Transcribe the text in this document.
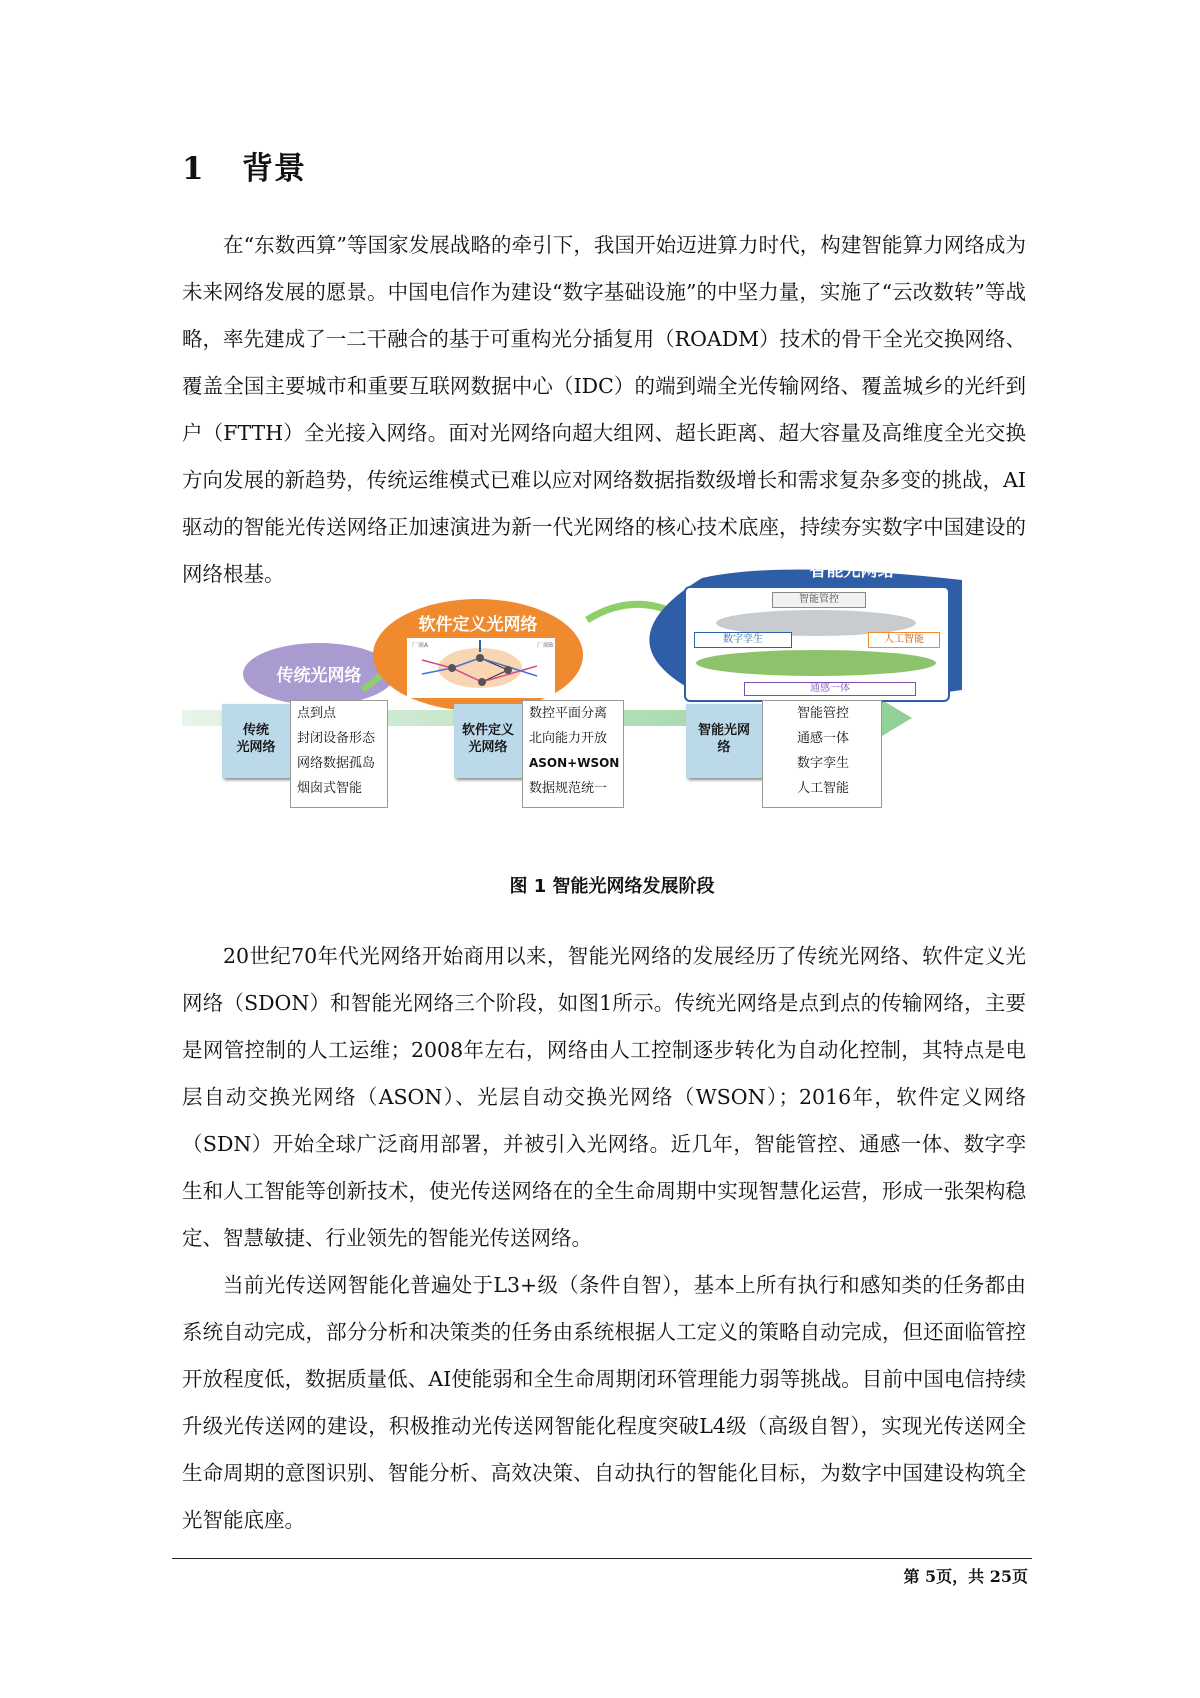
1 背景

在“东数西算”等国家发展战略的牵引下，我国开始迈进算力时代，构建智能算力网络成为未来网络发展的愿景。中国电信作为建设“数字基础设施”的中坚力量，实施了“云改数转”等战略，率先建成了一二干融合的基于可重构光分插复用（ROADM）技术的骨干全光交换网络、覆盖全国主要城市和重要互联网数据中心（IDC）的端到端全光传输网络、覆盖城乡的光纤到户（FTTH）全光接入网络。面对光网络向超大组网、超长距离、超大容量及高维度全光交换方向发展的新趋势，传统运维模式已难以应对网络数据指数级增长和需求复杂多变的挑战，AI驱动的智能光传送网络正加速演进为新一代光网络的核心技术底座，持续夯实数字中国建设的网络根基。

传统光网络
软件定义光网络
厂商A	厂商B
智能光网络
智能管控
数字孪生	人工智能
通感一体
传统
光网络
点到点
封闭设备形态
网络数据孤岛
烟囱式智能
软件定义
光网络
数控平面分离
北向能力开放
ASON+WSON
数据规范统一
智能光网
络
智能管控
通感一体
数字孪生
人工智能
图 1 智能光网络发展阶段

20世纪70年代光网络开始商用以来，智能光网络的发展经历了传统光网络、软件定义光网络（SDON）和智能光网络三个阶段，如图1所示。传统光网络是点到点的传输网络，主要是网管控制的人工运维；2008年左右，网络由人工控制逐步转化为自动化控制，其特点是电层自动交换光网络（ASON）、光层自动交换光网络（WSON）；2016年，软件定义网络（SDN）开始全球广泛商用部署，并被引入光网络。近几年，智能管控、通感一体、数字孪生和人工智能等创新技术，使光传送网络在的全生命周期中实现智慧化运营，形成一张架构稳定、智慧敏捷、行业领先的智能光传送网络。

当前光传送网智能化普遍处于L3+级（条件自智），基本上所有执行和感知类的任务都由系统自动完成，部分分析和决策类的任务由系统根据人工定义的策略自动完成，但还面临管控开放程度低，数据质量低、AI使能弱和全生命周期闭环管理能力弱等挑战。目前中国电信持续升级光传送网的建设，积极推动光传送网智能化程度突破L4级（高级自智），实现光传送网全生命周期的意图识别、智能分析、高效决策、自动执行的智能化目标，为数字中国建设构筑全光智能底座。

第 5页，共 25页
